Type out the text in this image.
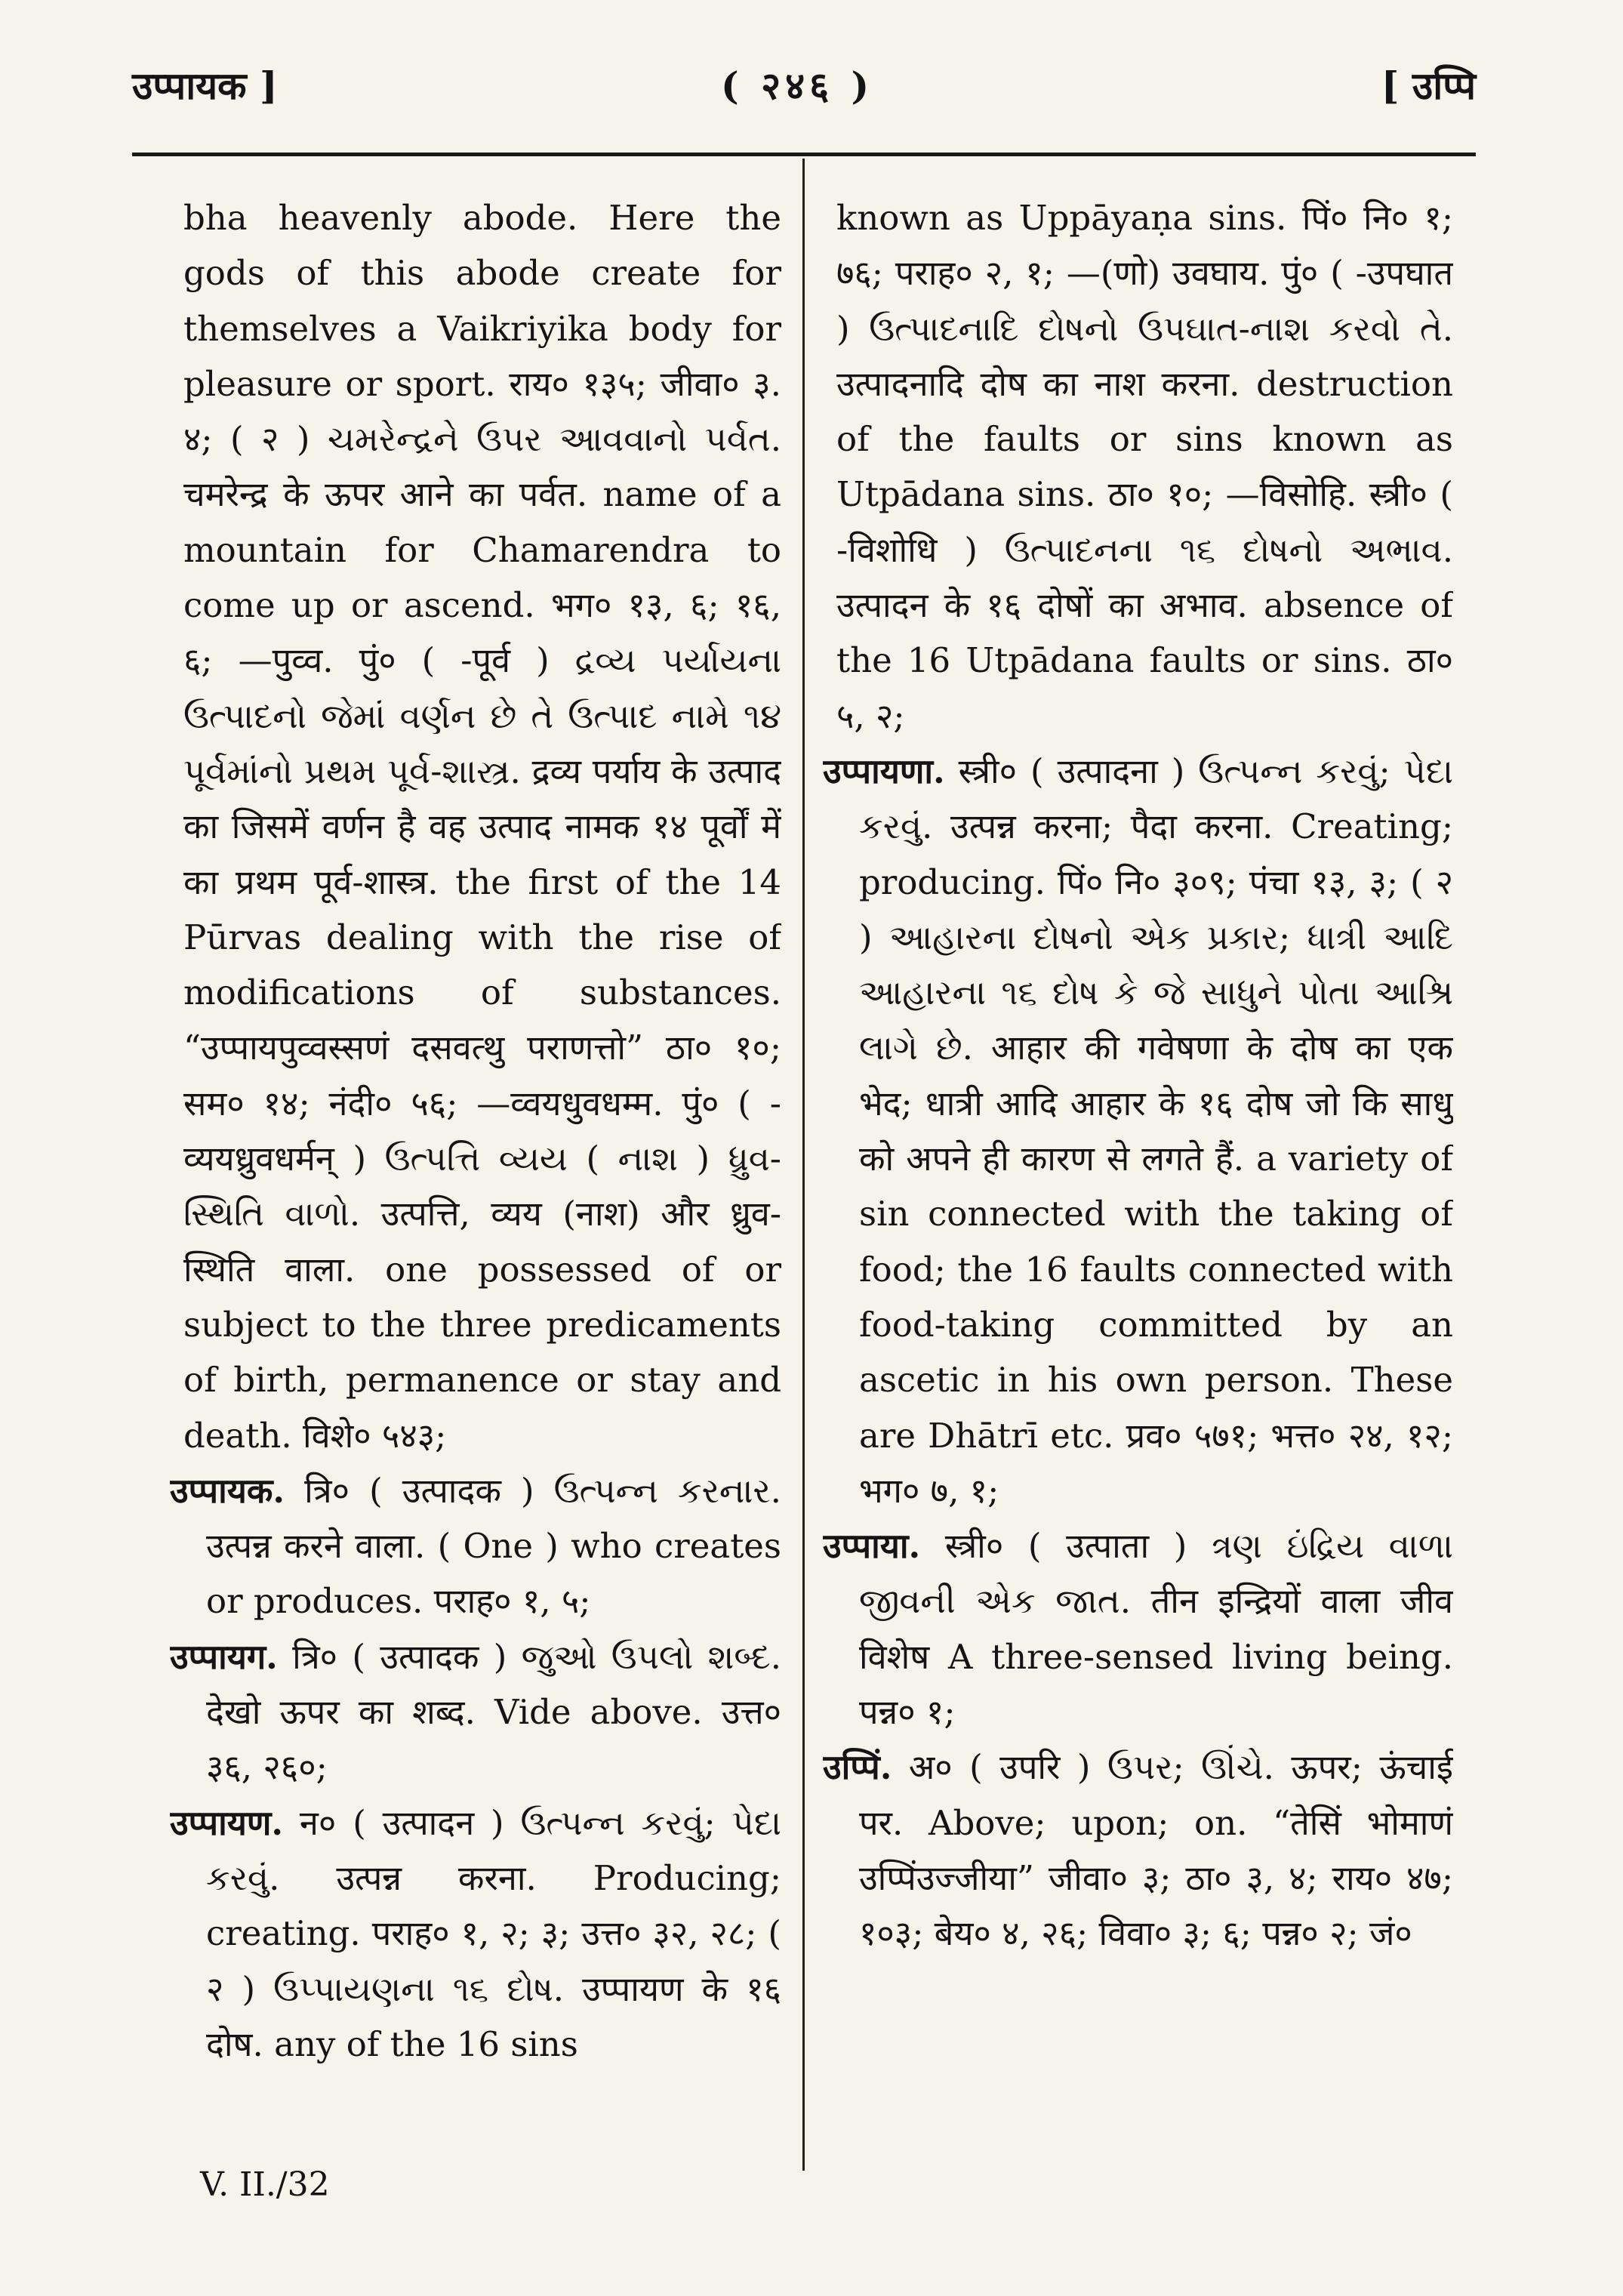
उप्पायक ]	( २४६ )	[ उप्पि

bha heavenly abode. Here the gods of this abode create for themselves a Vaikriyika body for pleasure or sport. राय० १३५; जीवा० ३. ४; ( २ ) ચમરેન્દ્રને ઉપર આવવાનો પર્વત. चमरेन्द्र के ऊपर आने का पर्वत. name of a mountain for Chamarendra to come up or ascend. भग० १३, ६; १६, ६; —पुव्व. पुं० ( -पूर्व ) દ્રવ્ય પર્યાયના ઉત્પાદનો જેમાં વર્ણન છે તે ઉત્પાદ નામે ૧૪ પૂર્વમાંનો પ્રથમ પૂર્વ-શાસ્ત્ર. द्रव्य पर्याय के उत्पाद का जिसमें वर्णन है वह उत्पाद नामक १४ पूर्वों में का प्रथम पूर्व-शास्त्र. the first of the 14 Pūrvas dealing with the rise of modifications of substances. “उप्पायपुव्वस्सणं दसवत्थु पराणत्तो” ठा० १०; सम० १४; नंदी० ५६; —व्वयधुवधम्म. पुं० ( -व्ययध्रुवधर्मन् ) ઉત્પત્તિ વ્યય ( નાશ ) ધ્રુવ-સ્થિતિ વાળો. उत्पत्ति, व्यय (नाश) और ध्रुव-स्थिति वाला. one possessed of or subject to the three predicaments of birth, permanence or stay and death. विशे० ५४३;

उप्पायक. त्रि० ( उत्पादक ) ઉત્પન્ન કરનાર. उत्पन्न करने वाला. ( One ) who creates or produces. पराह० १, ५;

उप्पायग. त्रि० ( उत्पादक ) જુઓ ઉપલો શબ્દ. देखो ऊपर का शब्द. Vide above. उत्त० ३६, २६०;

उप्पायण. न० ( उत्पादन ) ઉત્પન્ન કરવું; પેદા કરવું. उत्पन्न करना. Producing; creating. पराह० १, २; ३; उत्त० ३२, २८; ( २ ) ઉપ્પાયણના ૧૬ દોષ. उप्पायण के १६ दोष. any of the 16 sins

known as Uppāyaṇa sins. पिं० नि० १; ७६; पराह० २, १; —(णो) उवघाय. पुं० ( -उपघात ) ઉત્પાદનાદિ દોષનો ઉપઘાત-નાશ કરવો તે. उत्पादनादि दोष का नाश करना. destruction of the faults or sins known as Utpādana sins. ठा० १०; —विसोहि. स्त्री० ( -विशोधि ) ઉત્પાદનના ૧૬ દોષનો અભાવ. उत्पादन के १६ दोषों का अभाव. absence of the 16 Utpādana faults or sins. ठा० ५, २;

उप्पायणा. स्त्री० ( उत्पादना ) ઉત્પન્ન કરવું; પેદા કરવું. उत्पन्न करना; पैदा करना. Creating; producing. पिं० नि० ३०९; पंचा १३, ३; ( २ ) આહારના દોષનો એક પ્રકાર; ધાત્રી આદિ આહારના ૧૬ દોષ કે જે સાધુને પોતા આશ્રિ લાગે છે. आहार की गवेषणा के दोष का एक भेद; धात्री आदि आहार के १६ दोष जो कि साधु को अपने ही कारण से लगते हैं. a variety of sin connected with the taking of food; the 16 faults connected with food-taking committed by an ascetic in his own person. These are Dhātrī etc. प्रव० ५७१; भत्त० २४, १२; भग० ७, १;

उप्पाया. स्त्री० ( उत्पाता ) ત્રણ ઇંદ્રિય વાળા જીવની એક જાત. तीन इन्द्रियों वाला जीव विशेष A three-sensed living being. पन्न० १;

उप्पिं. अ० ( उपरि ) ઉપર; ઊંચે. ऊपर; ऊंचाई पर. Above; upon; on. “तेसिं भोमाणं उप्पिंउज्जीया” जीवा० ३; ठा० ३, ४; राय० ४७; १०३; बेय० ४, २६; विवा० ३; ६; पन्न० २; जं०

V. II./32
